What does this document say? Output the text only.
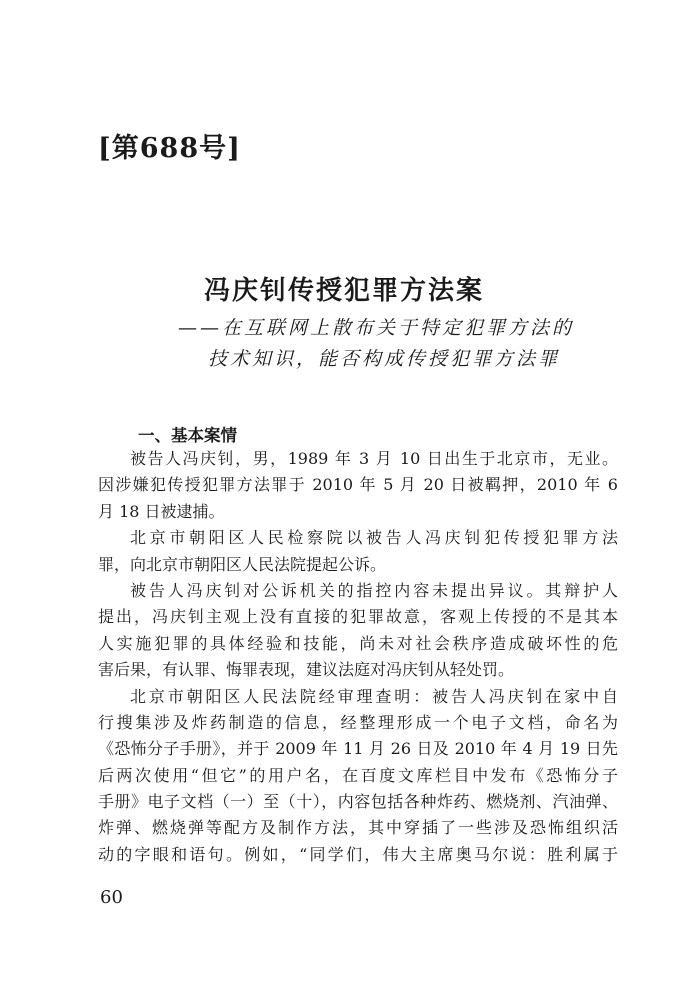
[第688号]
冯庆钊传授犯罪方法案
——在互联网上散布关于特定犯罪方法的
技术知识，能否构成传授犯罪方法罪
一、基本案情
被告人冯庆钊，男，1989 年 3 月 10 日出生于北京市，无业。
因涉嫌犯传授犯罪方法罪于 2010 年 5 月 20 日被羁押，2010 年 6
月 18 日被逮捕。
北京市朝阳区人民检察院以被告人冯庆钊犯传授犯罪方法
罪，向北京市朝阳区人民法院提起公诉。
被告人冯庆钊对公诉机关的指控内容未提出异议。其辩护人
提出，冯庆钊主观上没有直接的犯罪故意，客观上传授的不是其本
人实施犯罪的具体经验和技能，尚未对社会秩序造成破坏性的危
害后果，有认罪、悔罪表现，建议法庭对冯庆钊从轻处罚。
北京市朝阳区人民法院经审理查明：被告人冯庆钊在家中自
行搜集涉及炸药制造的信息，经整理形成一个电子文档，命名为
《恐怖分子手册》，并于 2009 年 11 月 26 日及 2010 年 4 月 19 日先
后两次使用“但它”的用户名，在百度文库栏目中发布《恐怖分子
手册》电子文档（一）至（十），内容包括各种炸药、燃烧剂、汽油弹、
炸弹、燃烧弹等配方及制作方法，其中穿插了一些涉及恐怖组织活
动的字眼和语句。例如，“同学们，伟大主席奥马尔说：胜利属于
60
